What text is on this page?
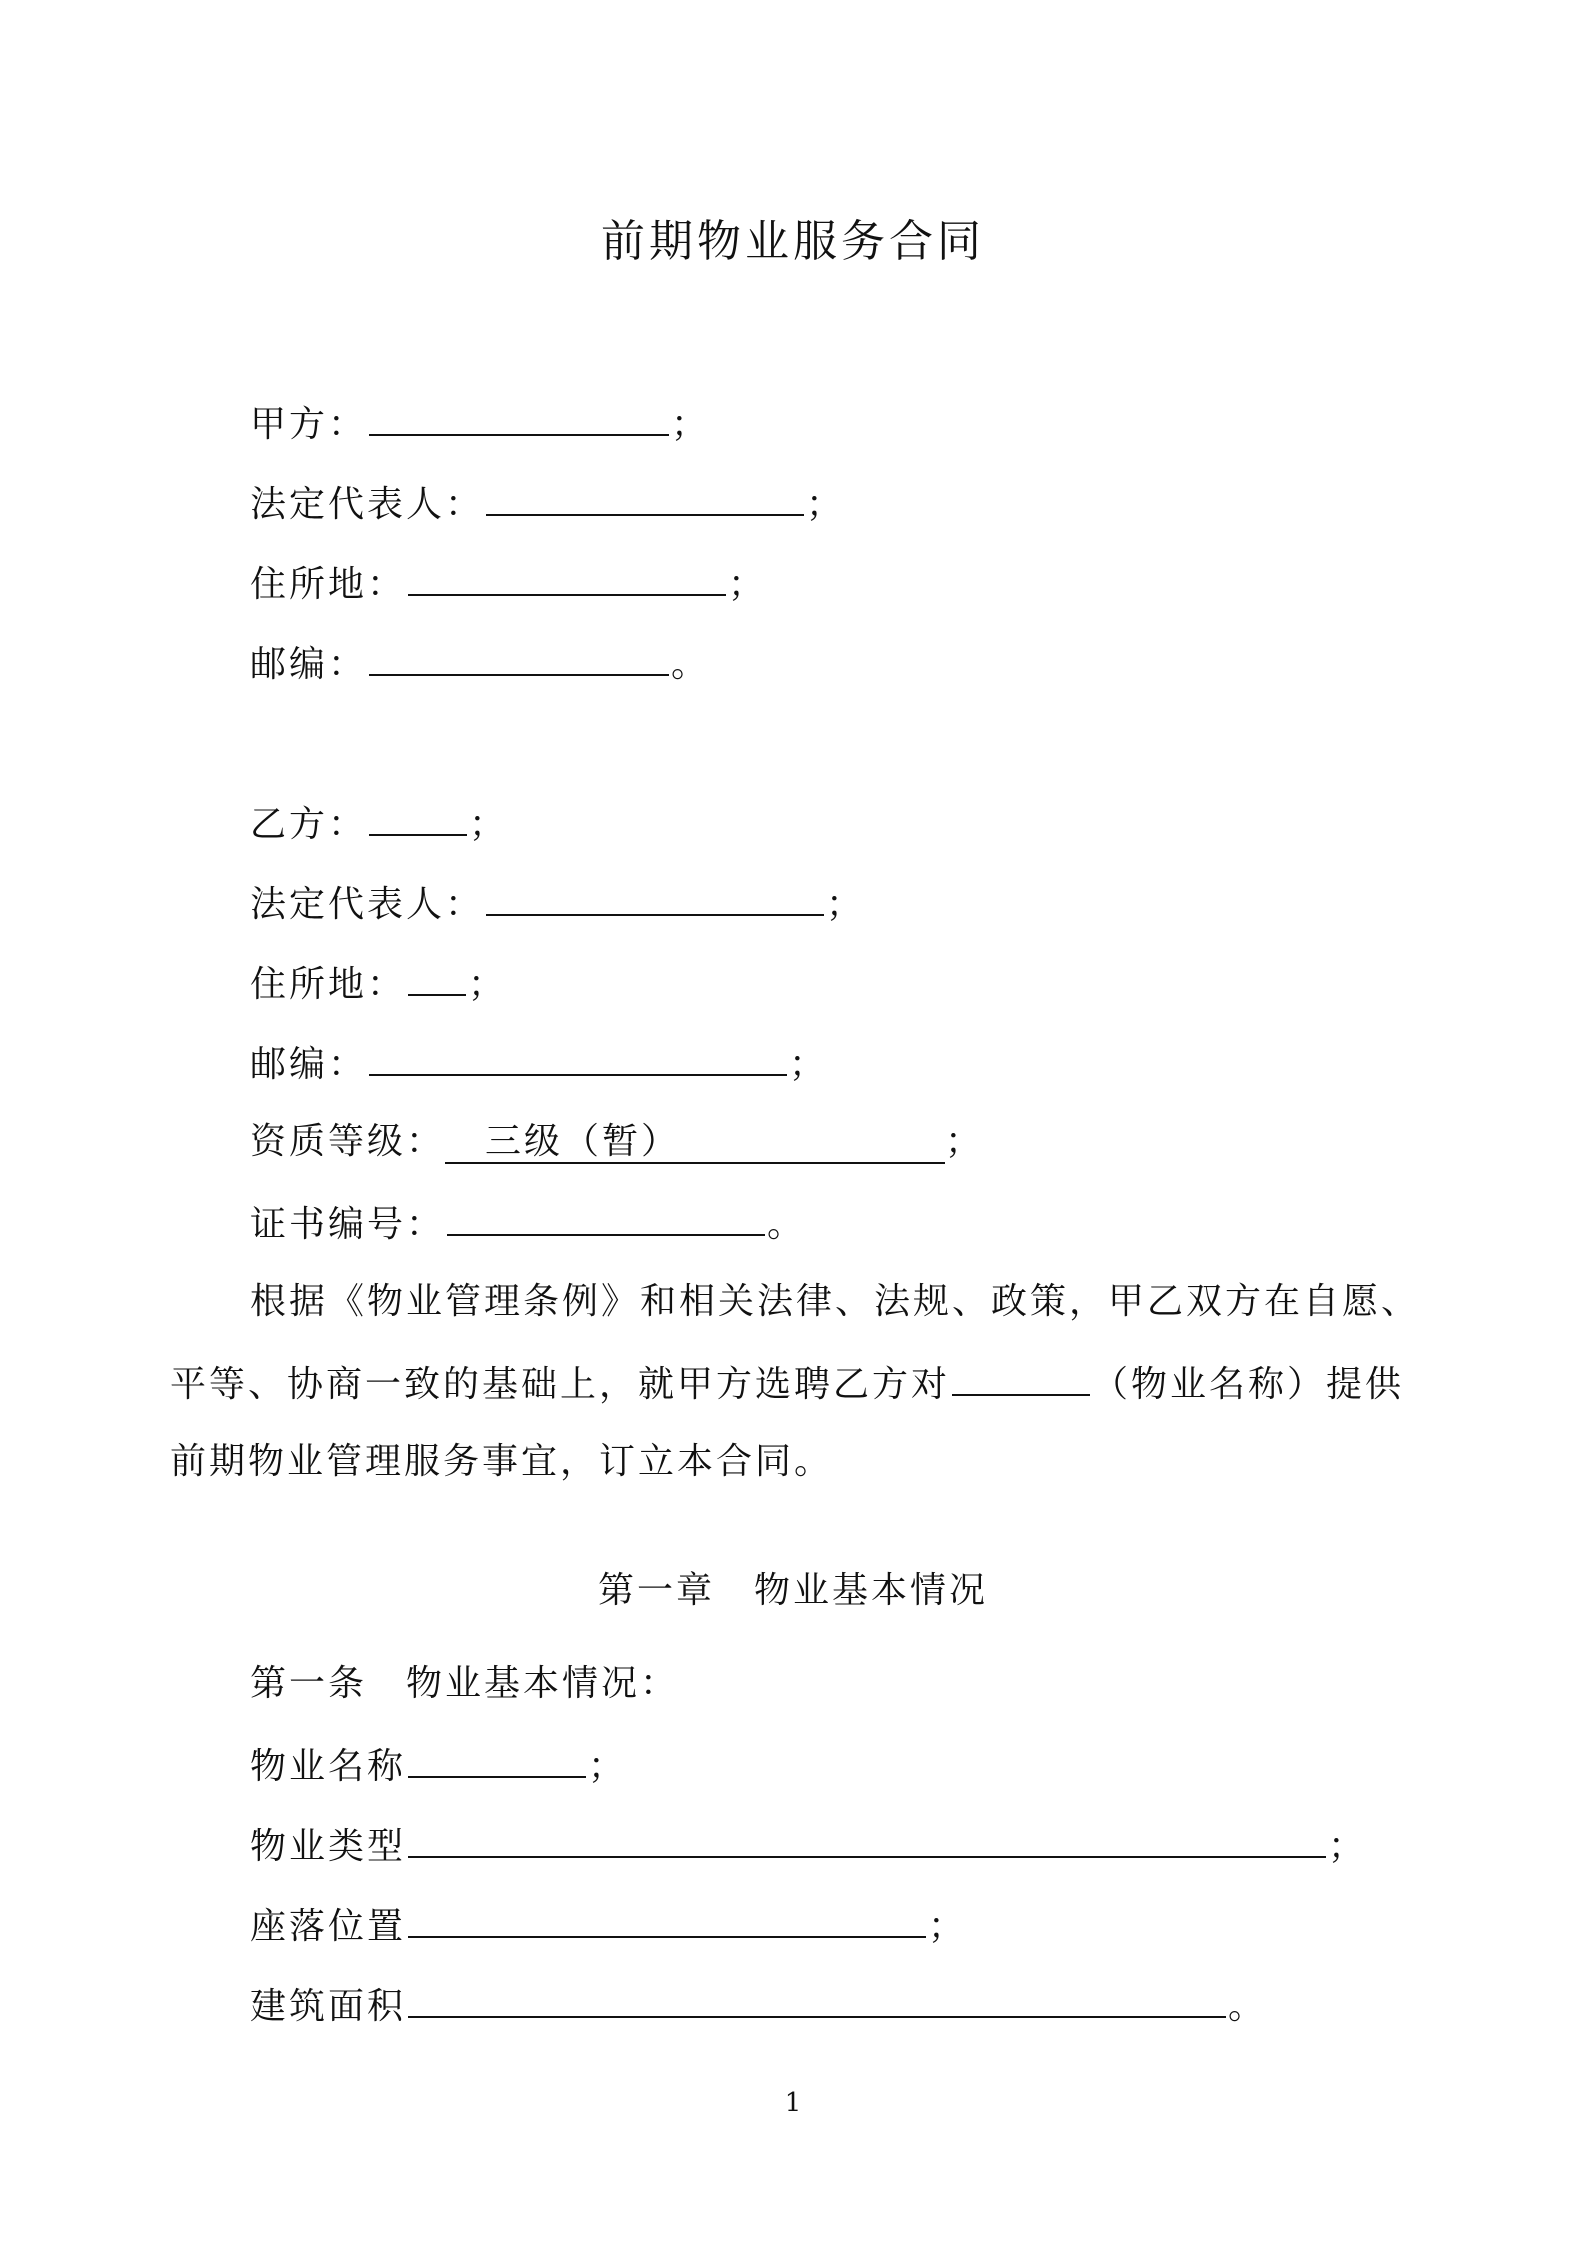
前期物业服务合同
甲方：	；
法定代表人：	；
住所地：	；
邮编：	。
乙方：	；
法定代表人：	；
住所地： ；
邮编：	；
资质等级： 三级（暂）	；
证书编号：	。
根据《物业管理条例》和相关法律、法规、政策，甲乙双方在自愿、
平等、协商一致的基础上，就甲方选聘乙方对	（物业名称）提供
前期物业管理服务事宜，订立本合同。
第一章　物业基本情况
第一条　物业基本情况：
物业名称	；
物业类型	；
座落位置	；
建筑面积	。
1
